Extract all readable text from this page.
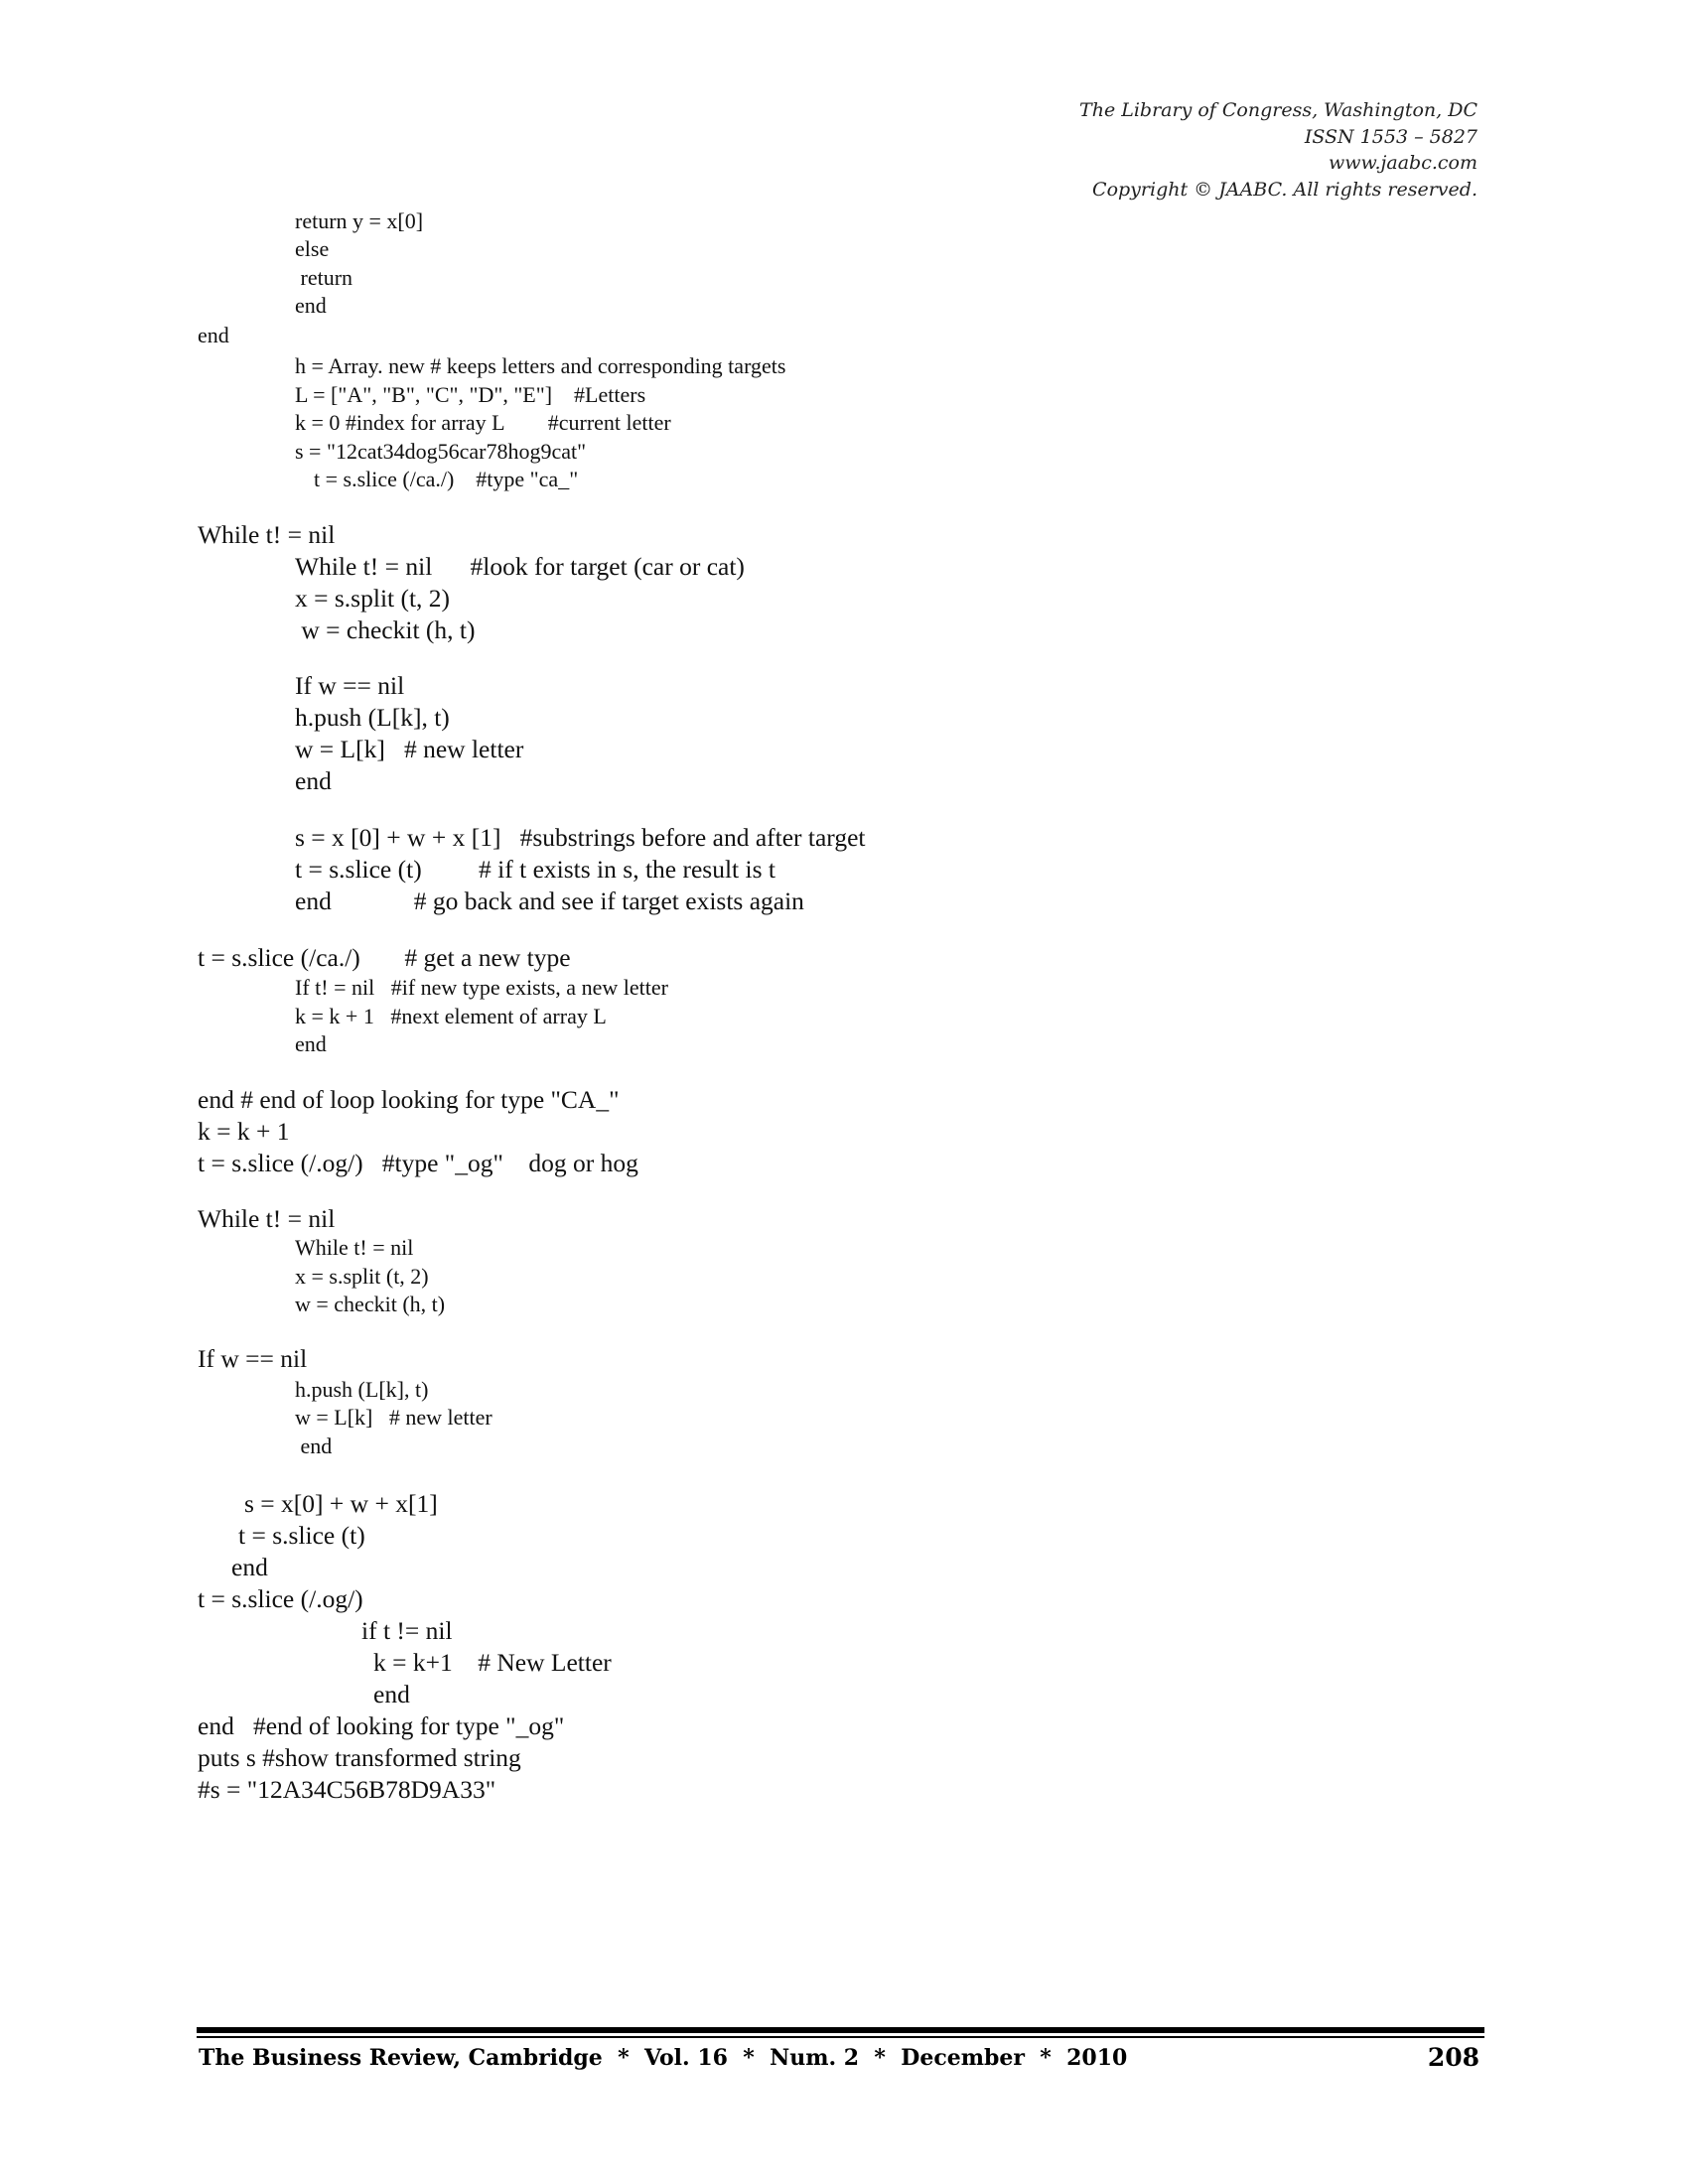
The Library of Congress, Washington, DC
ISSN 1553 – 5827
www.jaabc.com
Copyright © JAABC. All rights reserved.
return y = x[0]
else
return
end
end
h = Array. new # keeps letters and corresponding targets
L = ["A", "B", "C", "D", "E"]    #Letters
k = 0 #index for array L        #current letter
s = "12cat34dog56car78hog9cat"
t = s.slice (/ca./)    #type "ca_"
While t! = nil
While t! = nil      #look for target (car or cat)
x = s.split (t, 2)
w = checkit (h, t)
If w == nil
h.push (L[k], t)
w = L[k]   # new letter
end
s = x [0] + w + x [1]   #substrings before and after target
t = s.slice (t)         # if t exists in s, the result is t
end             # go back and see if target exists again
t = s.slice (/ca./)       # get a new type
If t! = nil   #if new type exists, a new letter
k = k + 1   #next element of array L
end
end # end of loop looking for type "CA_"
k = k + 1
t = s.slice (/.og/)   #type "_og"    dog or hog
While t! = nil
While t! = nil
x = s.split (t, 2)
w = checkit (h, t)
If w == nil
h.push (L[k], t)
w = L[k]   # new letter
end
s = x[0] + w + x[1]
t = s.slice (t)
end
t = s.slice (/.og/)
if t != nil
k = k+1    # New Letter
end
end   #end of looking for type "_og"
puts s #show transformed string
#s = "12A34C56B78D9A33"
The Business Review, Cambridge  *  Vol. 16  *  Num. 2  *  December  *  2010	208
